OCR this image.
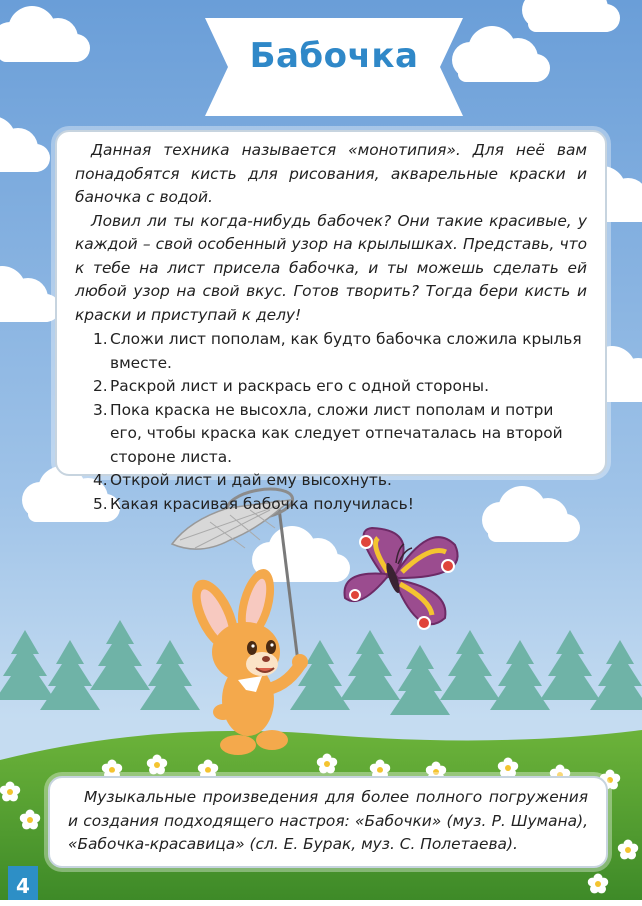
Бабочка

Данная техника называется «монотипия». Для неё вам понадобятся кисть для рисования, акварельные краски и баночка с водой.

Ловил ли ты когда-нибудь бабочек? Они такие красивые, у каждой – свой особенный узор на крылышках. Представь, что к тебе на лист присела бабочка, и ты можешь сделать ей любой узор на свой вкус. Готов творить? Тогда бери кисть и краски и приступай к делу!

1. Сложи лист пополам, как будто бабочка сложила крылья вместе.
2. Раскрой лист и раскрась его с одной стороны.
3. Пока краска не высохла, сложи лист пополам и потри его, чтобы краска как следует отпечаталась на второй стороне листа.
4. Открой лист и дай ему высохнуть.
5. Какая красивая бабочка получилась!

Музыкальные произведения для более полного погружения и создания подходящего настроя: «Бабочки» (муз. Р. Шумана), «Бабочка-красавица» (сл. Е. Бурак, муз. С. Полетаева).

4
